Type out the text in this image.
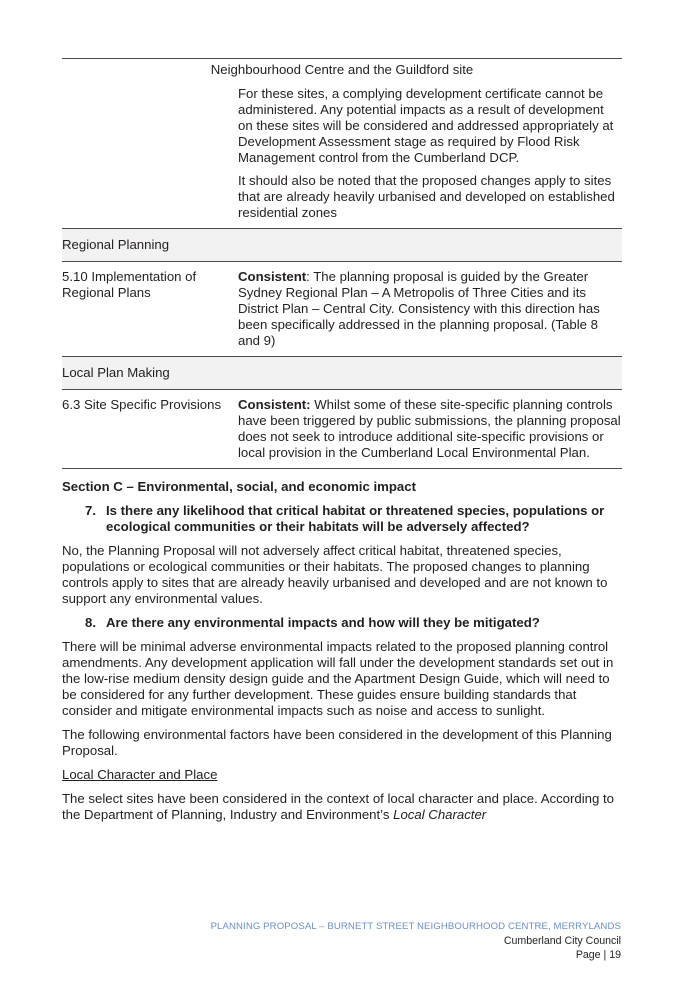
Neighbourhood Centre and the Guildford site

For these sites, a complying development certificate cannot be administered. Any potential impacts as a result of development on these sites will be considered and addressed appropriately at Development Assessment stage as required by Flood Risk Management control from the Cumberland DCP.

It should also be noted that the proposed changes apply to sites that are already heavily urbanised and developed on established residential zones

Regional Planning
5.10 Implementation of Regional Plans
Consistent: The planning proposal is guided by the Greater Sydney Regional Plan – A Metropolis of Three Cities and its District Plan – Central City. Consistency with this direction has been specifically addressed in the planning proposal. (Table 8 and 9)
Local Plan Making
6.3 Site Specific Provisions	Consistent: Whilst some of these site-specific planning controls have been triggered by public submissions, the planning proposal does not seek to introduce additional site-specific provisions or local provision in the Cumberland Local Environmental Plan.
Section C – Environmental, social, and economic impact
7. Is there any likelihood that critical habitat or threatened species, populations or ecological communities or their habitats will be adversely affected?
No, the Planning Proposal will not adversely affect critical habitat, threatened species, populations or ecological communities or their habitats. The proposed changes to planning controls apply to sites that are already heavily urbanised and developed and are not known to support any environmental values.
8. Are there any environmental impacts and how will they be mitigated?
There will be minimal adverse environmental impacts related to the proposed planning control amendments. Any development application will fall under the development standards set out in the low-rise medium density design guide and the Apartment Design Guide, which will need to be considered for any further development. These guides ensure building standards that consider and mitigate environmental impacts such as noise and access to sunlight.
The following environmental factors have been considered in the development of this Planning Proposal.
Local Character and Place
The select sites have been considered in the context of local character and place. According to the Department of Planning, Industry and Environment’s Local Character
PLANNING PROPOSAL – BURNETT STREET NEIGHBOURHOOD CENTRE, MERRYLANDS
Cumberland City Council
Page | 19
